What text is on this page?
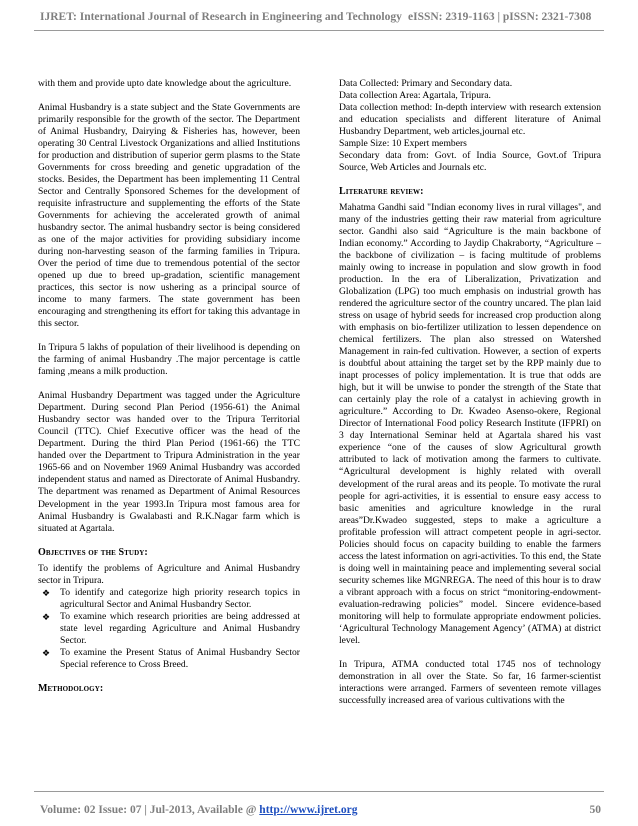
IJRET: International Journal of Research in Engineering and Technology eISSN: 2319-1163 | pISSN: 2321-7308

with them and provide upto date knowledge about the agriculture.

Animal Husbandry is a state subject and the State Governments are primarily responsible for the growth of the sector. The Department of Animal Husbandry, Dairying & Fisheries has, however, been operating 30 Central Livestock Organizations and allied Institutions for production and distribution of superior germ plasms to the State Governments for cross breeding and genetic upgradation of the stocks. Besides, the Department has been implementing 11 Central Sector and Centrally Sponsored Schemes for the development of requisite infrastructure and supplementing the efforts of the State Governments for achieving the accelerated growth of animal husbandry sector. The animal husbandry sector is being considered as one of the major activities for providing subsidiary income during non-harvesting season of the farming families in Tripura. Over the period of time due to tremendous potential of the sector opened up due to breed up-gradation, scientific management practices, this sector is now ushering as a principal source of income to many farmers. The state government has been encouraging and strengthening its effort for taking this advantage in this sector.

In Tripura 5 lakhs of population of their livelihood is depending on the farming of animal Husbandry .The major percentage is cattle faming ,means a milk production.

Animal Husbandry Department was tagged under the Agriculture Department. During second Plan Period (1956-61) the Animal Husbandry sector was handed over to the Tripura Territorial Council (TTC). Chief Executive officer was the head of the Department. During the third Plan Period (1961-66) the TTC handed over the Department to Tripura Administration in the year 1965-66 and on November 1969 Animal Husbandry was accorded independent status and named as Directorate of Animal Husbandry. The department was renamed as Department of Animal Resources Development in the year 1993.In Tripura most famous area for Animal Husbandry is Gwalabasti and R.K.Nagar farm which is situated at Agartala.

Objectives of the Study:

To identify the problems of Agriculture and Animal Husbandry sector in Tripura.

❖ To identify and categorize high priority research topics in agricultural Sector and Animal Husbandry Sector.
❖ To examine which research priorities are being addressed at state level regarding Agriculture and Animal Husbandry Sector.
❖ To examine the Present Status of Animal Husbandry Sector Special reference to Cross Breed.
Methodology:

Data Collected: Primary and Secondary data.

Data collection Area: Agartala, Tripura.

Data collection method: In-depth interview with research extension and education specialists and different literature of Animal Husbandry Department, web articles,journal etc.

Sample Size: 10 Expert members

Secondary data from: Govt. of India Source, Govt.of Tripura Source, Web Articles and Journals etc.

Literature review:

Mahatma Gandhi said "Indian economy lives in rural villages", and many of the industries getting their raw material from agriculture sector. Gandhi also said “Agriculture is the main backbone of Indian economy.” According to Jaydip Chakraborty, “Agriculture – the backbone of civilization – is facing multitude of problems mainly owing to increase in population and slow growth in food production. In the era of Liberalization, Privatization and Globalization (LPG) too much emphasis on industrial growth has rendered the agriculture sector of the country uncared. The plan laid stress on usage of hybrid seeds for increased crop production along with emphasis on bio-fertilizer utilization to lessen dependence on chemical fertilizers. The plan also stressed on Watershed Management in rain-fed cultivation. However, a section of experts is doubtful about attaining the target set by the RPP mainly due to inapt processes of policy implementation. It is true that odds are high, but it will be unwise to ponder the strength of the State that can certainly play the role of a catalyst in achieving growth in agriculture.” According to Dr. Kwadeo Asenso-okere, Regional Director of International Food policy Research Institute (IFPRI) on 3 day International Seminar held at Agartala shared his vast experience “one of the causes of slow Agricultural growth attributed to lack of motivation among the farmers to cultivate. “Agricultural development is highly related with overall development of the rural areas and its people. To motivate the rural people for agri-activities, it is essential to ensure easy access to basic amenities and agriculture knowledge in the rural areas”Dr.Kwadeo suggested, steps to make a agriculture a profitable profession will attract competent people in agri-sector. Policies should focus on capacity building to enable the farmers access the latest information on agri-activities. To this end, the State is doing well in maintaining peace and implementing several social security schemes like MGNREGA. The need of this hour is to draw a vibrant approach with a focus on strict “monitoring-endowment-evaluation-redrawing policies” model. Sincere evidence-based monitoring will help to formulate appropriate endowment policies. ‘Agricultural Technology Management Agency’ (ATMA) at district level.

In Tripura, ATMA conducted total 1745 nos of technology demonstration in all over the State. So far, 16 farmer-scientist interactions were arranged. Farmers of seventeen remote villages successfully increased area of various cultivations with the

Volume: 02 Issue: 07 | Jul-2013, Available @ http://www.ijret.org	50
